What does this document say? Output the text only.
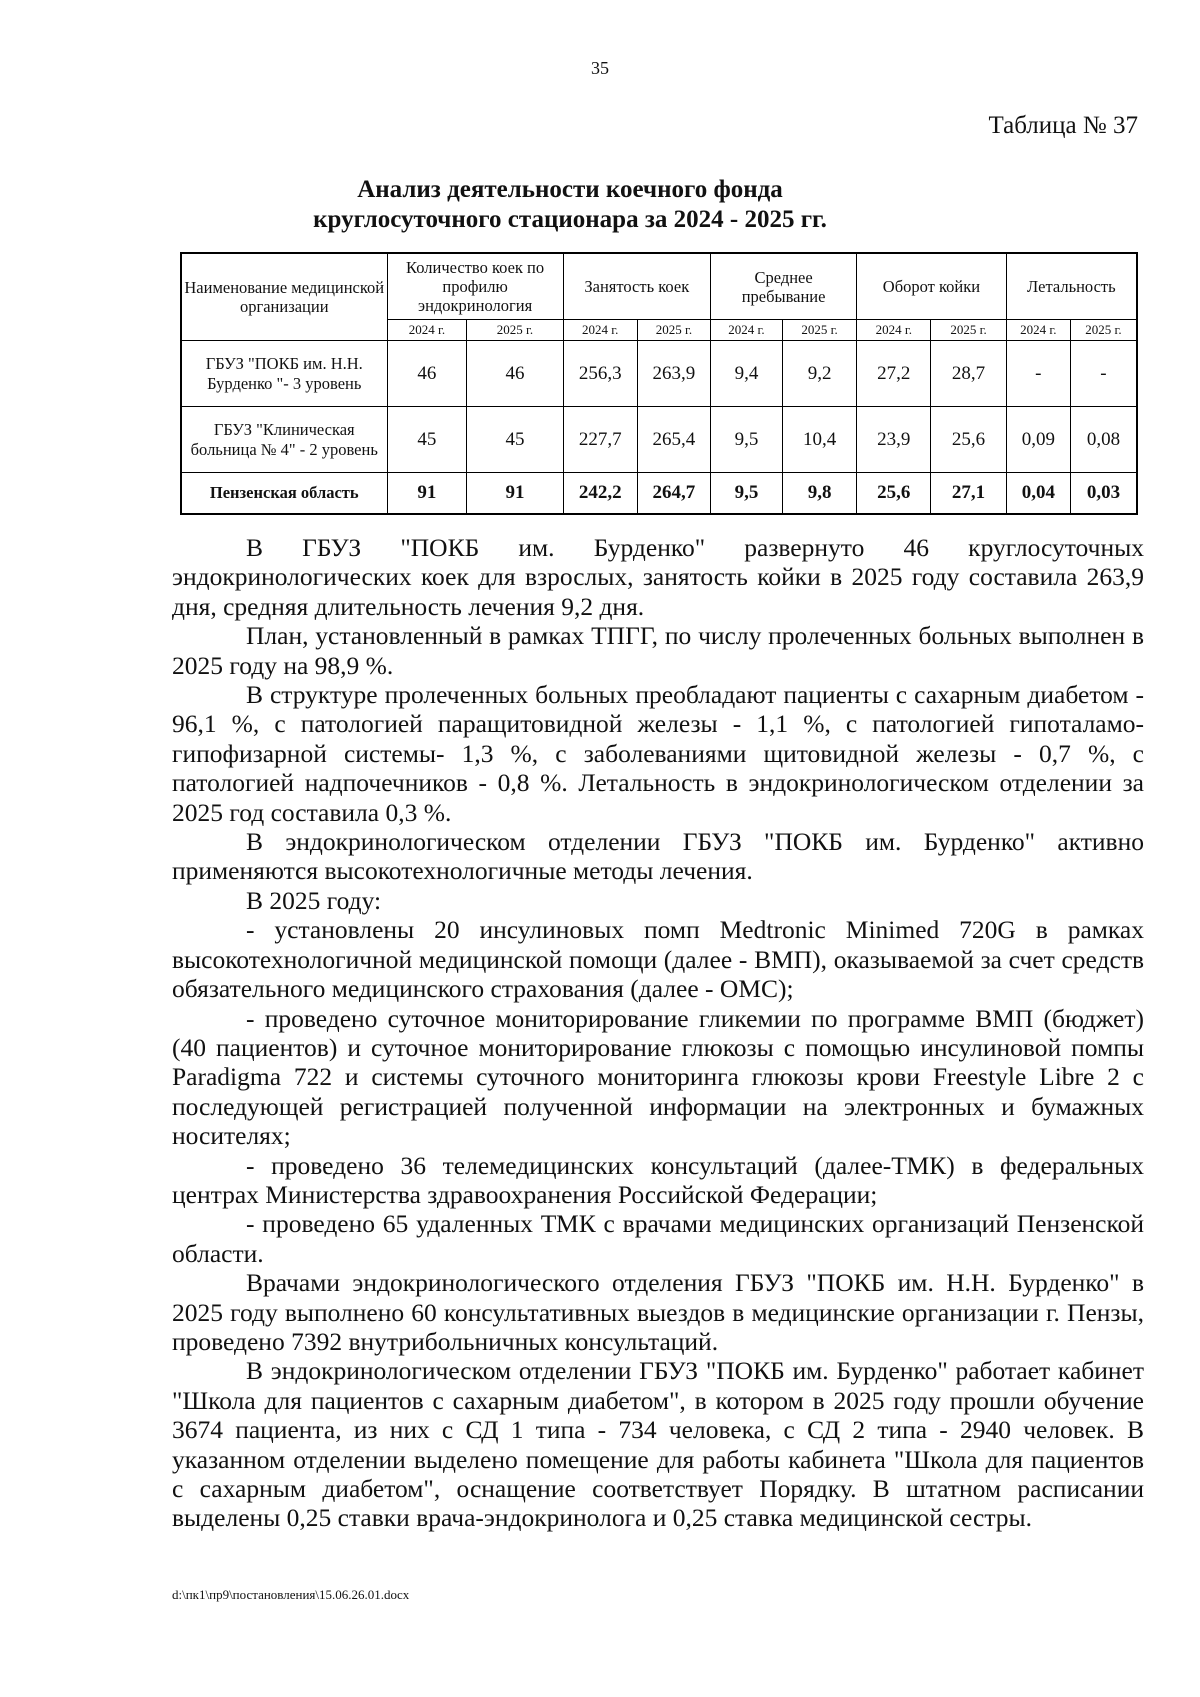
35
Таблица № 37
Анализ деятельности коечного фонда
круглосуточного стационара за 2024 - 2025 гг.
Наименование медицинской организации	Количество коек по профилю эндокринология		Занятость коек		Среднее пребывание		Оборот койки		Летальность	
	2024 г.	2025 г.	2024 г.	2025 г.	2024 г.	2025 г.	2024 г.	2025 г.	2024 г.	2025 г.
ГБУЗ "ПОКБ им. Н.Н. Бурденко "- 3 уровень	46	46	256,3	263,9	9,4	9,2	27,2	28,7	-	-
ГБУЗ "Клиническая больница № 4" - 2 уровень	45	45	227,7	265,4	9,5	10,4	23,9	25,6	0,09	0,08
Пензенская область	91	91	242,2	264,7	9,5	9,8	25,6	27,1	0,04	0,03

В ГБУЗ "ПОКБ им. Бурденко" развернуто 46 круглосуточных эндокринологических коек для взрослых, занятость койки в 2025 году составила 263,9 дня, средняя длительность лечения 9,2 дня.

План, установленный в рамках ТПГГ, по числу пролеченных больных выполнен в 2025 году на 98,9 %.

В структуре пролеченных больных преобладают пациенты с сахарным диабетом - 96,1 %, с патологией паращитовидной железы - 1,1 %, с патологией гипоталамо-гипофизарной системы- 1,3 %, с заболеваниями щитовидной железы - 0,7 %, с патологией надпочечников - 0,8 %. Летальность в эндокринологическом отделении за 2025 год составила 0,3 %.

В эндокринологическом отделении ГБУЗ "ПОКБ им. Бурденко" активно применяются высокотехнологичные методы лечения.

В 2025 году:

- установлены 20 инсулиновых помп Medtronic Minimed 720G в рамках высокотехнологичной медицинской помощи (далее - ВМП), оказываемой за счет средств обязательного медицинского страхования (далее - ОМС);

- проведено суточное мониторирование гликемии по программе ВМП (бюджет) (40 пациентов) и суточное мониторирование глюкозы с помощью инсулиновой помпы Paradigma 722 и системы суточного мониторинга глюкозы крови Freestyle Libre 2 с последующей регистрацией полученной информации на электронных и бумажных носителях;

- проведено 36 телемедицинских консультаций (далее-ТМК) в федеральных центрах Министерства здравоохранения Российской Федерации;

- проведено 65 удаленных ТМК с врачами медицинских организаций Пензенской области.

Врачами эндокринологического отделения ГБУЗ "ПОКБ им. Н.Н. Бурденко" в 2025 году выполнено 60 консультативных выездов в медицинские организации г. Пензы, проведено 7392 внутрибольничных консультаций.

В эндокринологическом отделении ГБУЗ "ПОКБ им. Бурденко" работает кабинет "Школа для пациентов с сахарным диабетом", в котором в 2025 году прошли обучение 3674 пациента, из них с СД 1 типа - 734 человека, с СД 2 типа - 2940 человек. В указанном отделении выделено помещение для работы кабинета "Школа для пациентов с сахарным диабетом", оснащение соответствует Порядку. В штатном расписании выделены 0,25 ставки врача-эндокринолога и 0,25 ставка медицинской сестры.

d:\пк1\пр9\постановления\15.06.26.01.docx
